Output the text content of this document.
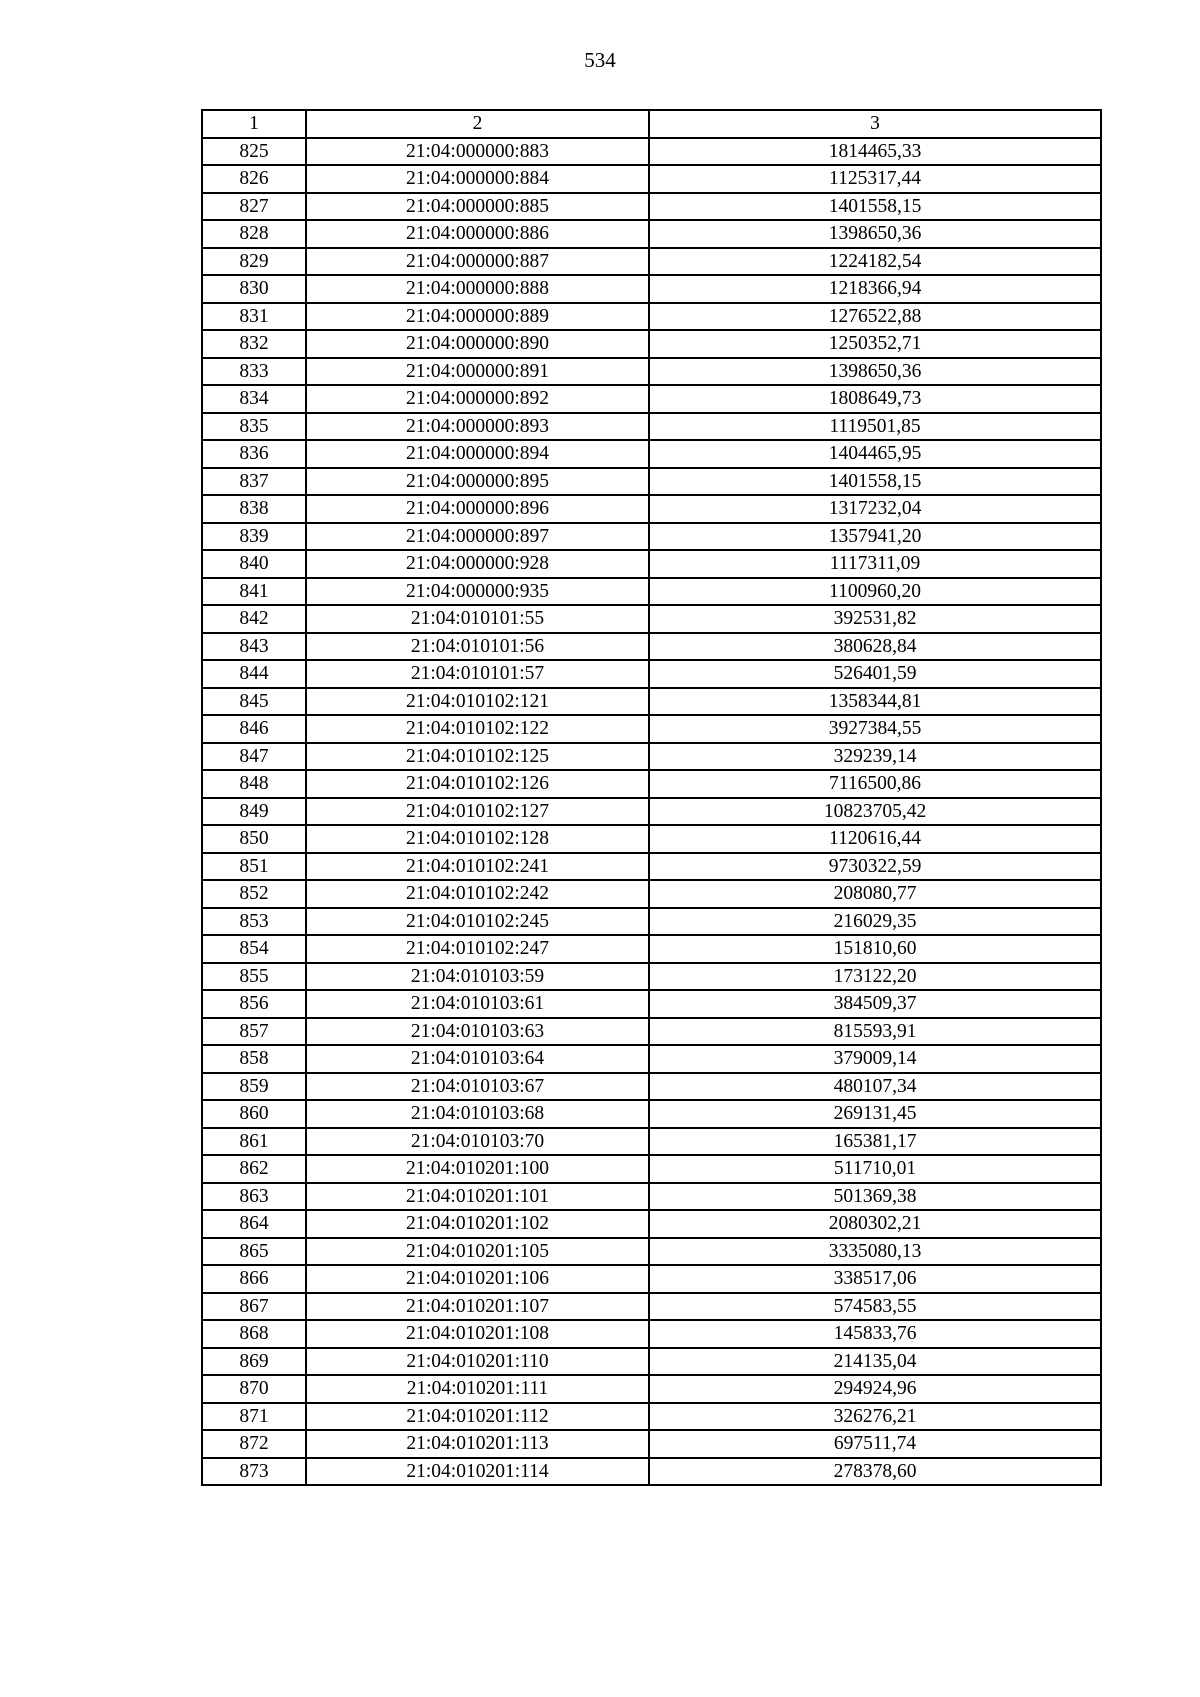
534
1	2	3
825	21:04:000000:883	1814465,33
826	21:04:000000:884	1125317,44
827	21:04:000000:885	1401558,15
828	21:04:000000:886	1398650,36
829	21:04:000000:887	1224182,54
830	21:04:000000:888	1218366,94
831	21:04:000000:889	1276522,88
832	21:04:000000:890	1250352,71
833	21:04:000000:891	1398650,36
834	21:04:000000:892	1808649,73
835	21:04:000000:893	1119501,85
836	21:04:000000:894	1404465,95
837	21:04:000000:895	1401558,15
838	21:04:000000:896	1317232,04
839	21:04:000000:897	1357941,20
840	21:04:000000:928	1117311,09
841	21:04:000000:935	1100960,20
842	21:04:010101:55	392531,82
843	21:04:010101:56	380628,84
844	21:04:010101:57	526401,59
845	21:04:010102:121	1358344,81
846	21:04:010102:122	3927384,55
847	21:04:010102:125	329239,14
848	21:04:010102:126	7116500,86
849	21:04:010102:127	10823705,42
850	21:04:010102:128	1120616,44
851	21:04:010102:241	9730322,59
852	21:04:010102:242	208080,77
853	21:04:010102:245	216029,35
854	21:04:010102:247	151810,60
855	21:04:010103:59	173122,20
856	21:04:010103:61	384509,37
857	21:04:010103:63	815593,91
858	21:04:010103:64	379009,14
859	21:04:010103:67	480107,34
860	21:04:010103:68	269131,45
861	21:04:010103:70	165381,17
862	21:04:010201:100	511710,01
863	21:04:010201:101	501369,38
864	21:04:010201:102	2080302,21
865	21:04:010201:105	3335080,13
866	21:04:010201:106	338517,06
867	21:04:010201:107	574583,55
868	21:04:010201:108	145833,76
869	21:04:010201:110	214135,04
870	21:04:010201:111	294924,96
871	21:04:010201:112	326276,21
872	21:04:010201:113	697511,74
873	21:04:010201:114	278378,60
